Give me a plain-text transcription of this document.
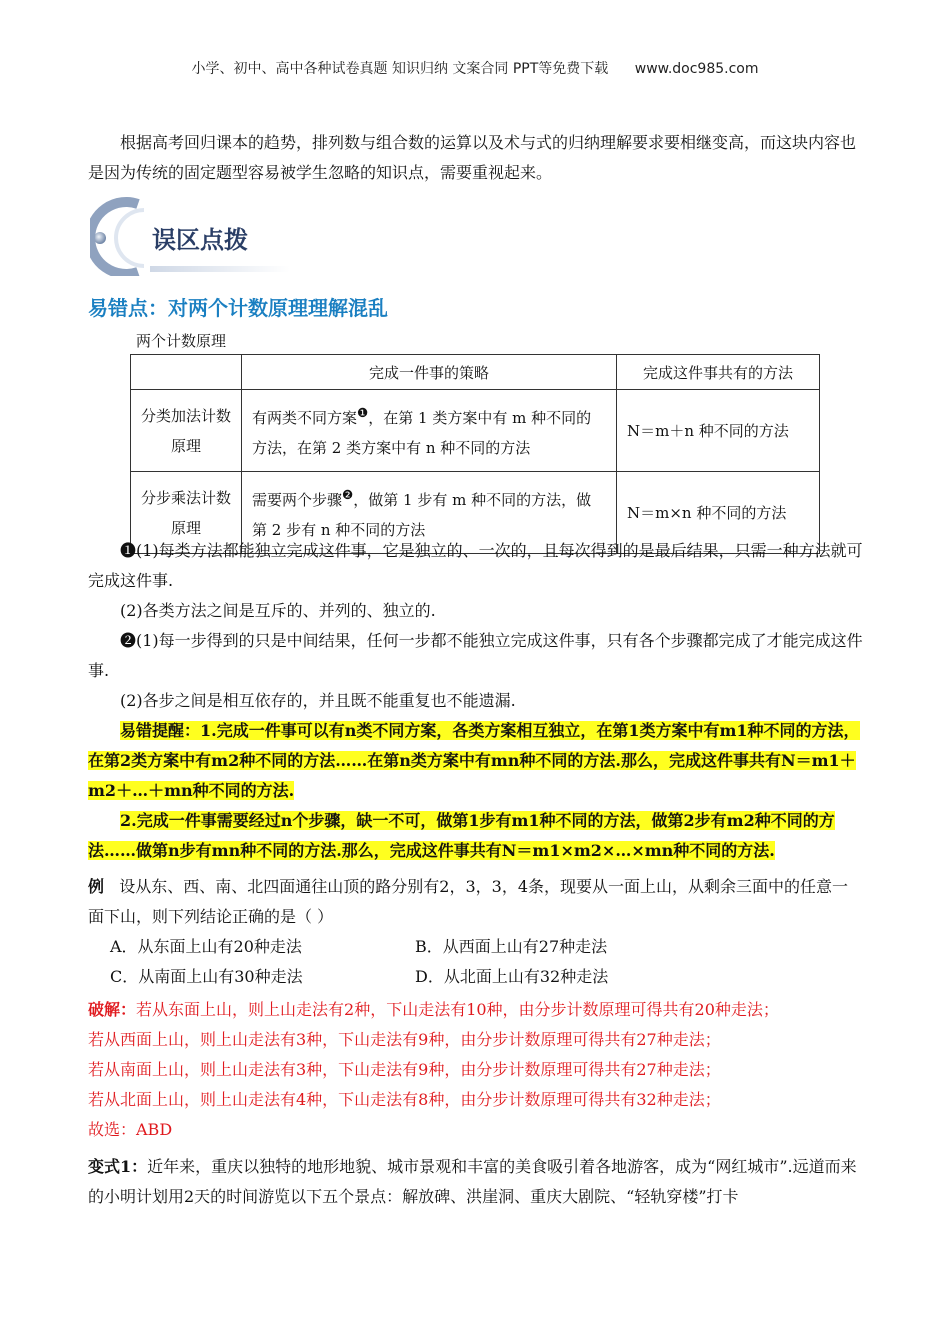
小学、初中、高中各种试卷真题 知识归纳 文案合同 PPT等免费下载 www.doc985.com
根据高考回归课本的趋势，排列数与组合数的运算以及术与式的归纳理解要求要相继变高，而这块内容也是因为传统的固定题型容易被学生忽略的知识点，需要重视起来。
误区点拨
易错点：对两个计数原理理解混乱
两个计数原理
	完成一件事的策略	完成这件事共有的方法
分类加法计数原理	有两类不同方案$^❶$，在第 1 类方案中有 m 种不同的方法，在第 2 类方案中有 n 种不同的方法	N＝m＋n 种不同的方法
分步乘法计数原理	需要两个步骤$^❷$，做第 1 步有 m 种不同的方法，做第 2 步有 n 种不同的方法	N＝m×n 种不同的方法

❶(1)每类方法都能独立完成这件事，它是独立的、一次的，且每次得到的是最后结果，只需一种方法就可完成这件事.

(2)各类方法之间是互斥的、并列的、独立的.

❷(1)每一步得到的只是中间结果，任何一步都不能独立完成这件事，只有各个步骤都完成了才能完成这件事.

(2)各步之间是相互依存的，并且既不能重复也不能遗漏.

易错提醒：1.完成一件事可以有n类不同方案，各类方案相互独立，在第1类方案中有m1种不同的方法，在第2类方案中有m2种不同的方法……在第n类方案中有mn种不同的方法.那么，完成这件事共有N＝m1＋m2＋…＋mn种不同的方法.

2.完成一件事需要经过n个步骤，缺一不可，做第1步有m1种不同的方法，做第2步有m2种不同的方法……做第n步有mn种不同的方法.那么，完成这件事共有N＝m1×m2×…×mn种不同的方法.

例 设从东、西、南、北四面通往山顶的路分别有2，3，3，4条，现要从一面上山，从剩余三面中的任意一面下山，则下列结论正确的是（ ）

A．从东面上山有20种走法	B．从西面上山有27种走法
C．从南面上山有30种走法	D．从北面上山有32种走法

破解：若从东面上山，则上山走法有2种，下山走法有10种，由分步计数原理可得共有20种走法；

若从西面上山，则上山走法有3种，下山走法有9种，由分步计数原理可得共有27种走法；

若从南面上山，则上山走法有3种，下山走法有9种，由分步计数原理可得共有27种走法；

若从北面上山，则上山走法有4种，下山走法有8种，由分步计数原理可得共有32种走法；

故选：ABD

变式1：近年来，重庆以独特的地形地貌、城市景观和丰富的美食吸引着各地游客，成为“网红城市”.远道而来的小明计划用2天的时间游览以下五个景点：解放碑、洪崖洞、重庆大剧院、“轻轨穿楼”打卡
